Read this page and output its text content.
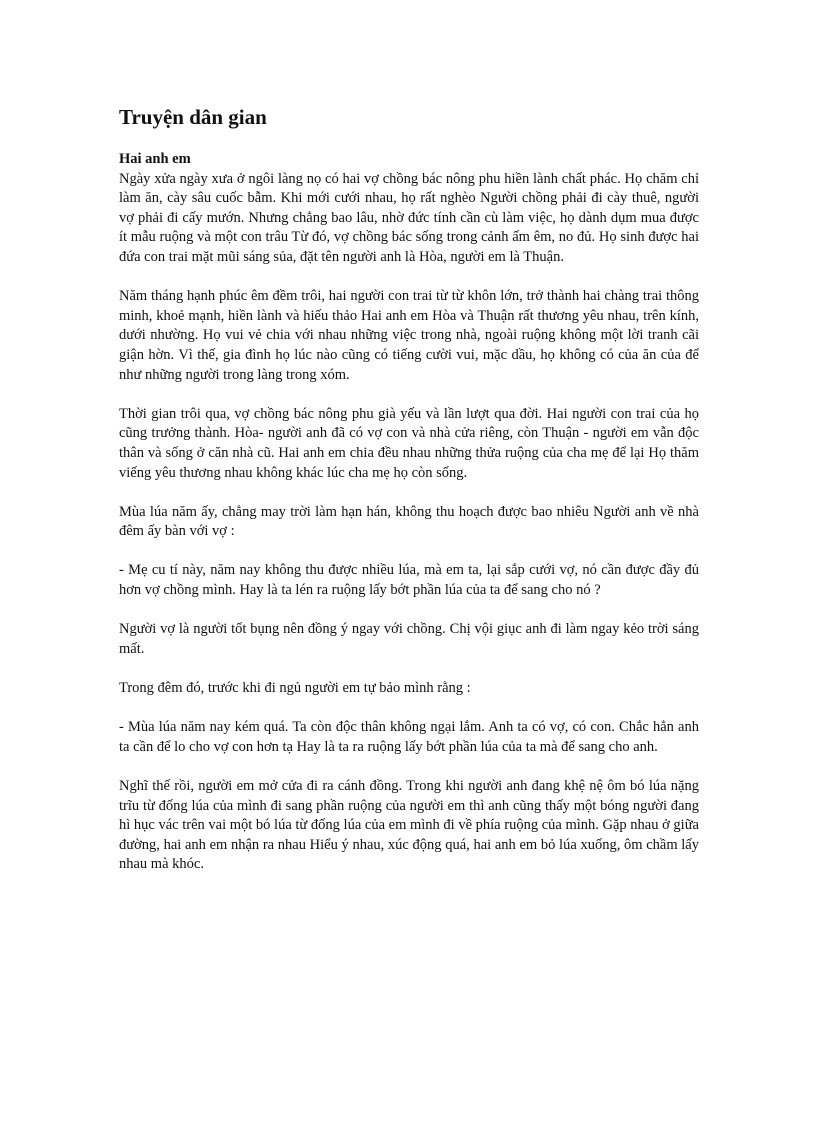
Truyện dân gian
Hai anh em

Ngày xửa ngày xưa ở ngôi làng nọ có hai vợ chồng bác nông phu hiền lành chất phác. Họ chăm chỉ làm ăn, cày sâu cuốc bẫm. Khi mới cưới nhau, họ rất nghèo Người chồng phải đi cày thuê, người vợ phải đi cấy mướn. Nhưng chẳng bao lâu, nhờ đức tính cần cù làm việc, họ dành dụm mua được ít mẫu ruộng và một con trâu Từ đó, vợ chồng bác sống trong cảnh ấm êm, no đủ. Họ sinh được hai đứa con trai mặt mũi sáng sủa, đặt tên người anh là Hòa, người em là Thuận.

Năm tháng hạnh phúc êm đềm trôi, hai người con trai từ từ khôn lớn, trở thành hai chàng trai thông minh, khoẻ mạnh, hiền lành và hiếu thảo Hai anh em Hòa và Thuận rất thương yêu nhau, trên kính, dưới nhường. Họ vui vẻ chia với nhau những việc trong nhà, ngoài ruộng không một lời tranh cãi giận hờn. Vì thế, gia đình họ lúc nào cũng có tiếng cười vui, mặc dầu, họ không có của ăn của để như những người trong làng trong xóm.

Thời gian trôi qua, vợ chồng bác nông phu già yếu và lần lượt qua đời. Hai người con trai của họ cũng trưởng thành. Hòa- người anh đã có vợ con và nhà cửa riêng, còn Thuận - người em vẫn độc thân và sống ở căn nhà cũ. Hai anh em chia đều nhau những thửa ruộng của cha mẹ để lại Họ thăm viếng yêu thương nhau không khác lúc cha mẹ họ còn sống.

Mùa lúa năm ấy, chẳng may trời làm hạn hán, không thu hoạch được bao nhiêu Người anh về nhà đêm ấy bàn với vợ :

- Mẹ cu tí này, năm nay không thu được nhiều lúa, mà em ta, lại sắp cưới vợ, nó cần được đầy đủ hơn vợ chồng mình. Hay là ta lén ra ruộng lấy bớt phần lúa của ta để sang cho nó ?

Người vợ là người tốt bụng nên đồng ý ngay với chồng. Chị vội giục anh đi làm ngay kẻo trời sáng mất.

Trong đêm đó, trước khi đi ngủ người em tự bảo mình rằng :

- Mùa lúa năm nay kém quá. Ta còn độc thân không ngại lắm. Anh ta có vợ, có con. Chắc hẳn anh ta cần để lo cho vợ con hơn tạ Hay là ta ra ruộng lấy bớt phần lúa của ta mà để sang cho anh.

Nghĩ thế rồi, người em mở cửa đi ra cánh đồng. Trong khi người anh đang khệ nệ ôm bó lúa nặng trĩu từ đống lúa của mình đi sang phần ruộng của người em thì anh cũng thấy một bóng người đang hì hục vác trên vai một bó lúa từ đống lúa của em mình đi về phía ruộng của mình. Gặp nhau ở giữa đường, hai anh em nhận ra nhau Hiểu ý nhau, xúc động quá, hai anh em bỏ lúa xuống, ôm chầm lấy nhau mà khóc.
